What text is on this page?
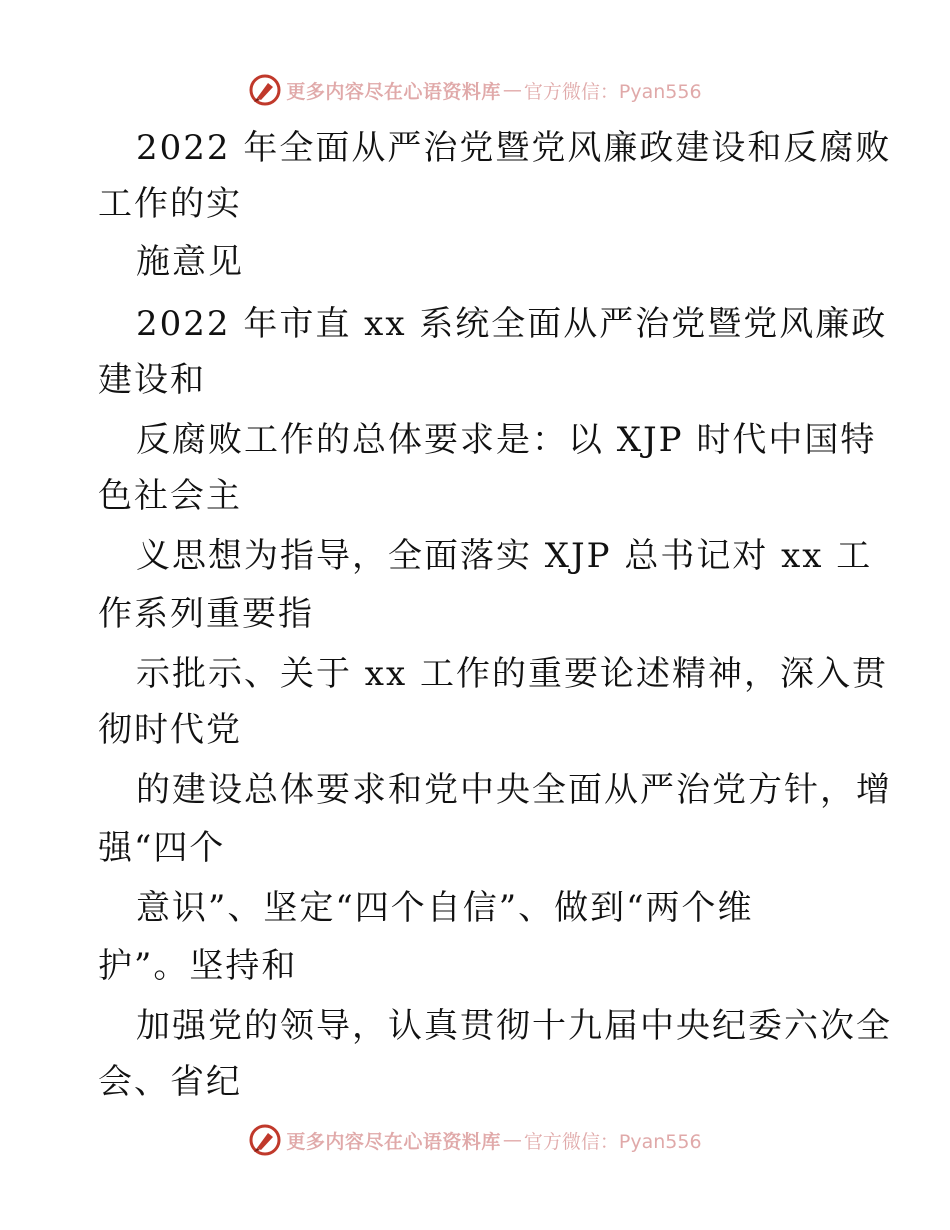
更多内容尽在心语资料库 — 官方微信：Pyan556
2022 年全面从严治党暨党风廉政建设和反腐败
工作的实
施意见
2022 年市直 xx 系统全面从严治党暨党风廉政
建设和
反腐败工作的总体要求是：以 XJP 时代中国特
色社会主
义思想为指导，全面落实 XJP 总书记对 xx 工
作系列重要指
示批示、关于 xx 工作的重要论述精神，深入贯
彻时代党
的建设总体要求和党中央全面从严治党方针，增
强“四个
意识”、坚定“四个自信”、做到“两个维
护”。坚持和
加强党的领导，认真贯彻十九届中央纪委六次全
会、省纪
更多内容尽在心语资料库 — 官方微信：Pyan556
